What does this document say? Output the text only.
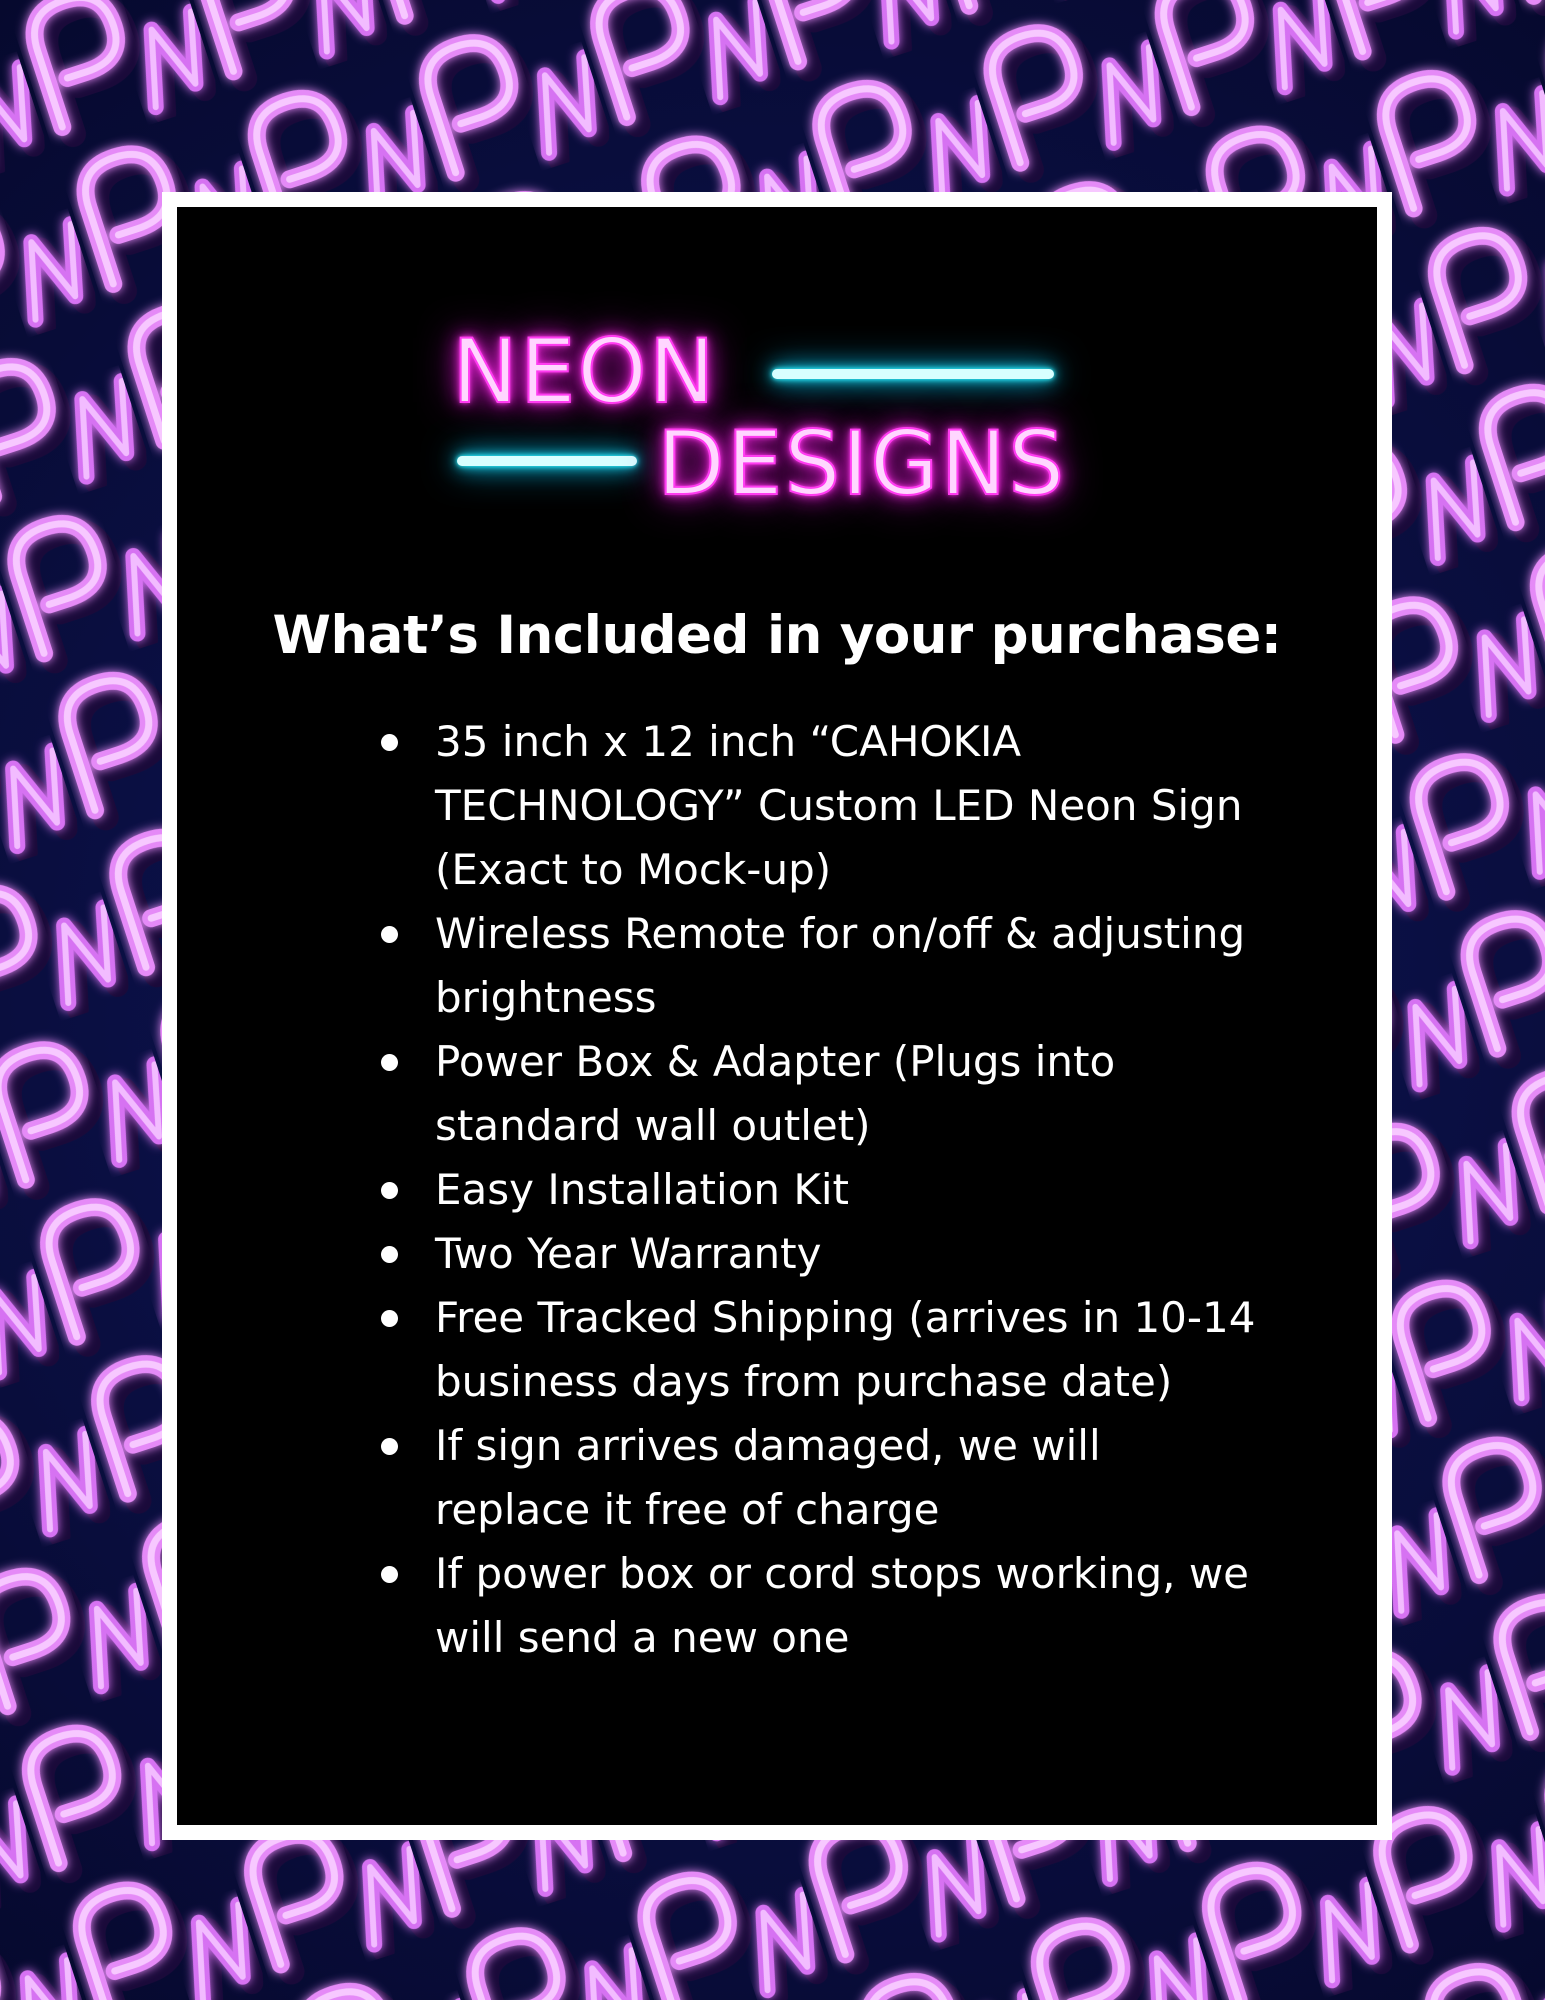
NEON
DESIGNS
What’s Included in your purchase:
35 inch x 12 inch “CAHOKIA TECHNOLOGY” Custom LED Neon Sign (Exact to Mock-up)
Wireless Remote for on/off & adjusting brightness
Power Box & Adapter (Plugs into standard wall outlet)
Easy Installation Kit
Two Year Warranty
Free Tracked Shipping (arrives in 10-14 business days from purchase date)
If sign arrives damaged, we will replace it free of charge
If power box or cord stops working, we will send a new one
